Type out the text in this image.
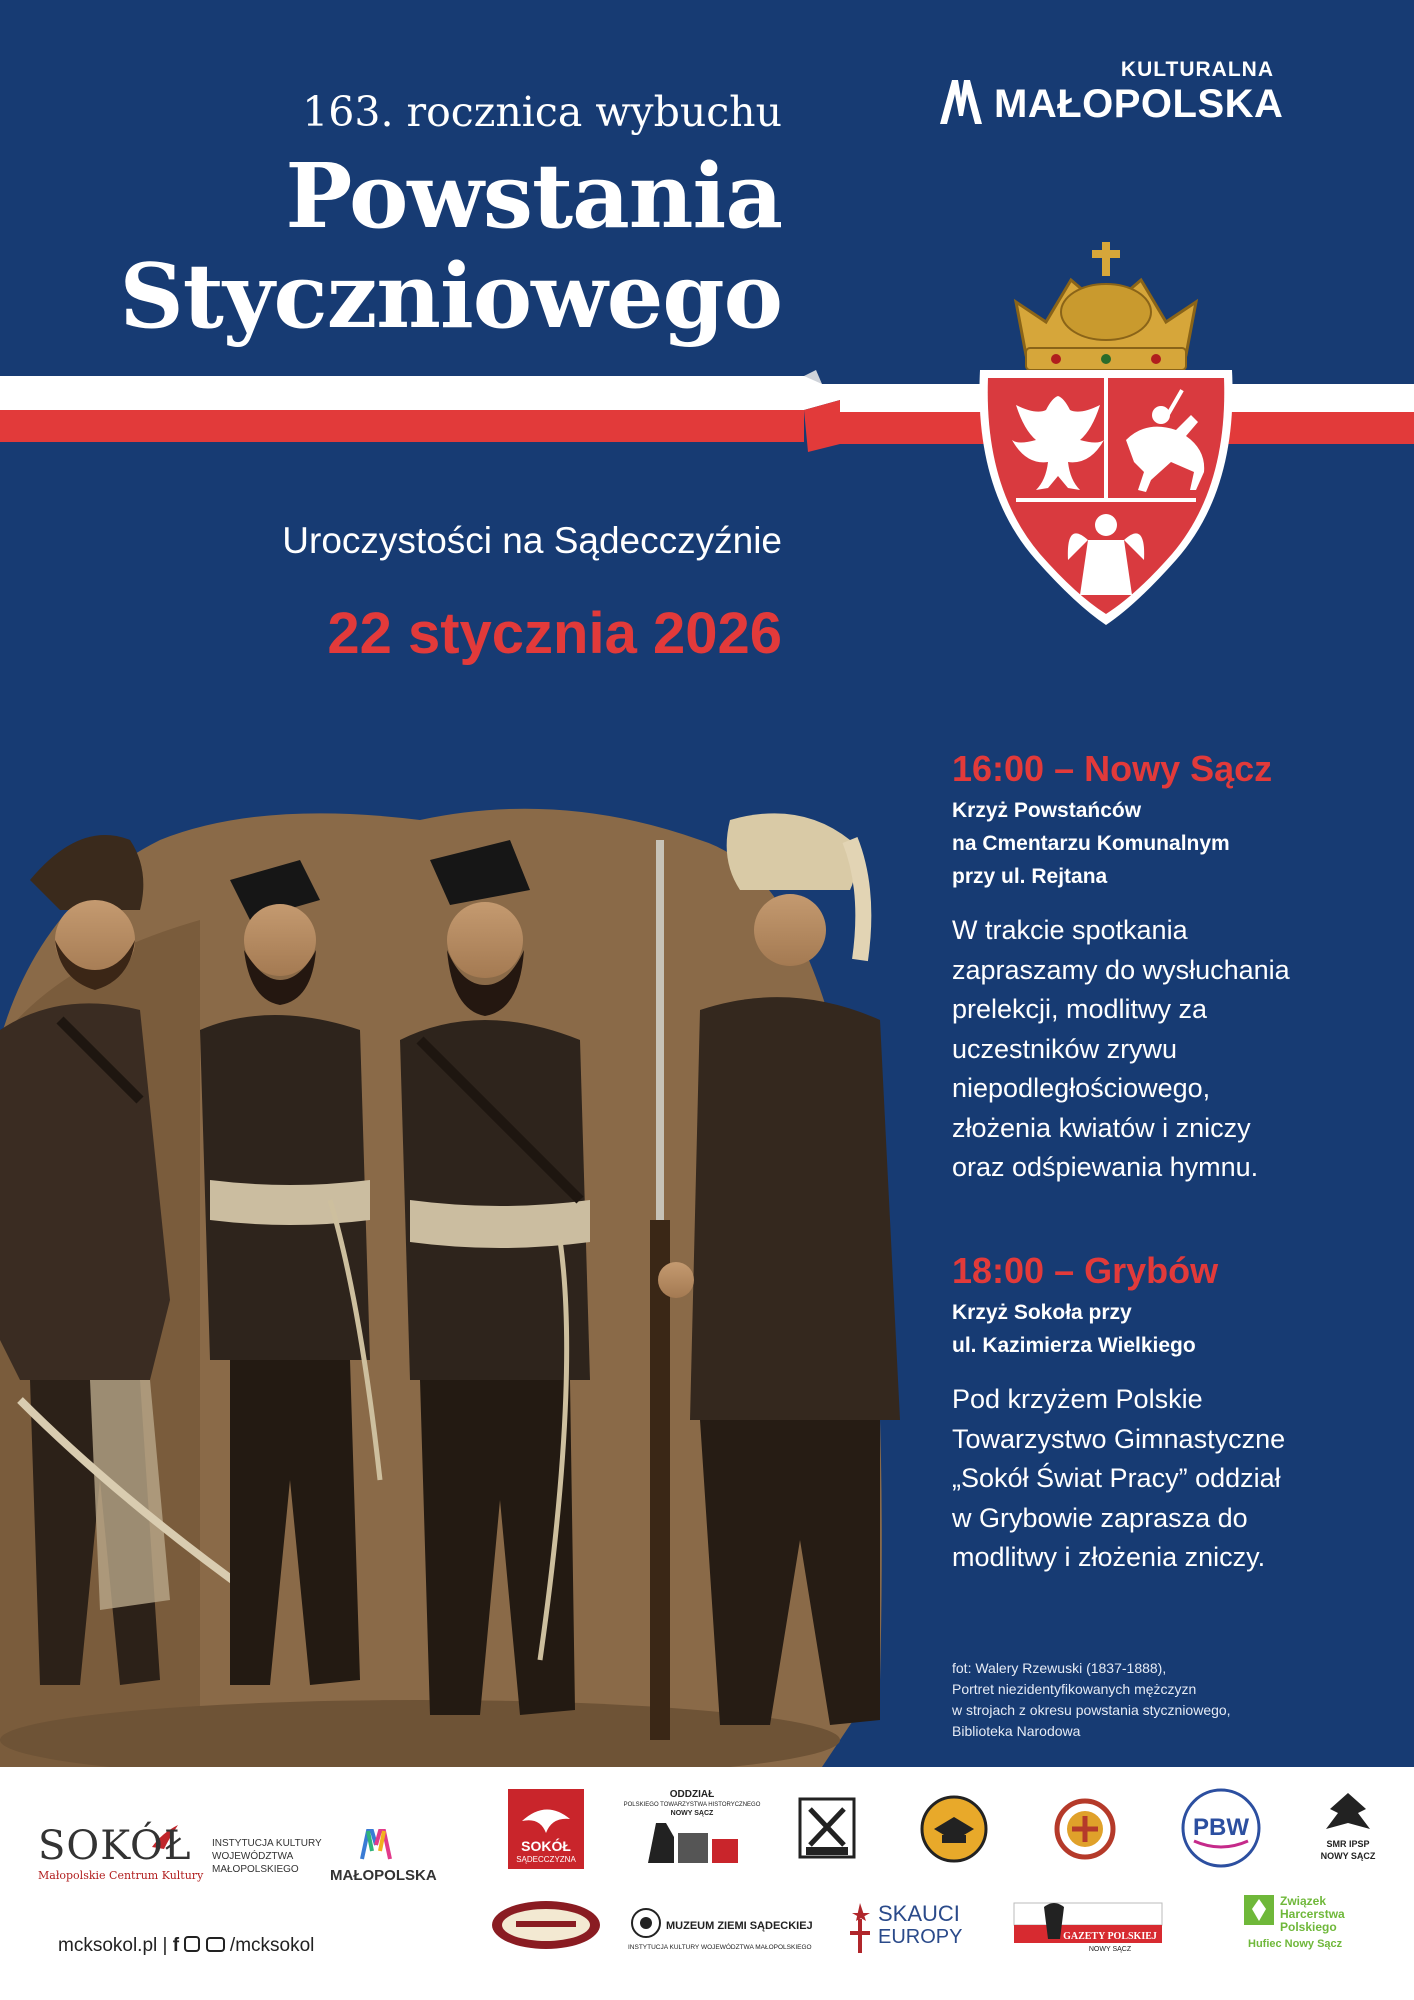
163. rocznica wybuchu
Powstania
Styczniowego
KULTURALNA
MAŁOPOLSKA
Uroczystości na Sądecczyźnie
22 stycznia 2026
16:00 – Nowy Sącz
Krzyż Powstańców
na Cmentarzu Komunalnym
przy ul. Rejtana
W trakcie spotkania
zapraszamy do wysłuchania
prelekcji, modlitwy za
uczestników zrywu
niepodległościowego,
złożenia kwiatów i zniczy
oraz odśpiewania hymnu.
18:00 – Grybów
Krzyż Sokoła przy
ul. Kazimierza Wielkiego
Pod krzyżem Polskie
Towarzystwo Gimnastyczne
„Sokół Świat Pracy” oddział
w Grybowie zaprasza do
modlitwy i złożenia zniczy.
fot: Walery Rzewuski (1837-1888),
Portret niezidentyfikowanych mężczyzn
w strojach z okresu powstania styczniowego,
Biblioteka Narodowa
SOKÓŁ
Małopolskie Centrum Kultury
INSTYTUCJA KULTURY
WOJEWÓDZTWA
MAŁOPOLSKIEGO	MAŁOPOLSKA
SOKÓŁ
SĄDECCZYZNA
ODDZIAŁ
POLSKIEGO TOWARZYSTWA HISTORYCZNEGO
NOWY SĄCZ
PBW
SMR IPSP
NOWY SĄCZ
mcksokol.pl | f	/mcksokol
MUZEUM ZIEMI SĄDECKIEJ
INSTYTUCJA KULTURY WOJEWÓDZTWA MAŁOPOLSKIEGO
SKAUCI
EUROPY	GAZETY POLSKIEJ
NOWY SĄCZ
Związek
Harcerstwa
Polskiego
Hufiec Nowy Sącz
